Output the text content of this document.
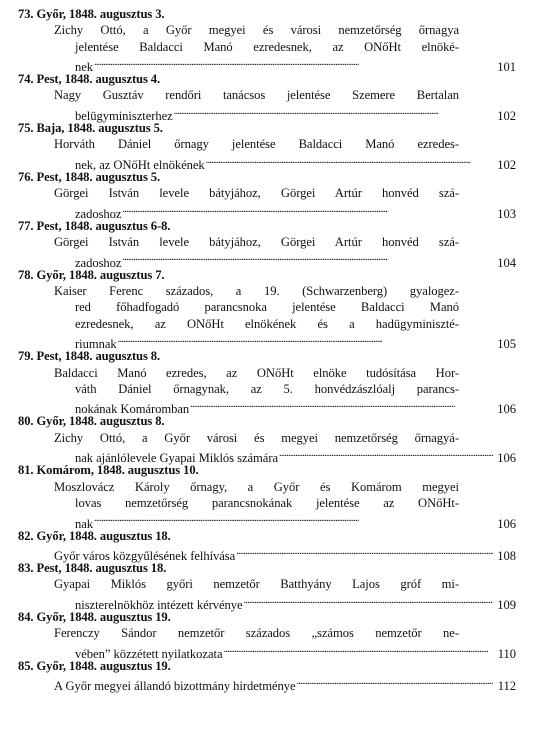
73. Győr, 1848. augusztus 3.
Zichy Ottó, a Győr megyei és városi nemzetőrség őrnagya
jelentése Baldacci Manó ezredesnek, az ONőHt elnöké-
nek . . .	101
74. Pest, 1848. augusztus 4.
Nagy Gusztáv rendőri tanácsos jelentése Szemere Bertalan
belügyminiszterhez . . .	102
75. Baja, 1848. augusztus 5.
Horváth Dániel őrnagy jelentése Baldacci Manó ezredes-
nek, az ONőHt elnökének . . .	102
76. Pest, 1848. augusztus 5.
Görgei István levele bátyjához, Görgei Artúr honvéd szá-
zadoshoz . . .	103
77. Pest, 1848. augusztus 6-8.
Görgei István levele bátyjához, Görgei Artúr honvéd szá-
zadoshoz . . .	104
78. Győr, 1848. augusztus 7.
Kaiser Ferenc százados, a 19. (Schwarzenberg) gyalogez-
red főhadfogadó parancsnoka jelentése Baldacci Manó
ezredesnek, az ONőHt elnökének és a hadügyminiszté-
riumnak . . .	105
79. Pest, 1848. augusztus 8.
Baldacci Manó ezredes, az ONőHt elnöke tudósítása Hor-
váth Dániel őrnagynak, az 5. honvédzászlóalj parancs-
nokának Komáromban . . .	106
80. Győr, 1848. augusztus 8.
Zichy Ottó, a Győr városi és megyei nemzetőrség őrnagyá-
nak ajánlólevele Gyapai Miklós számára . . .	106
81. Komárom, 1848. augusztus 10.
Moszlovácz Károly őrnagy, a Győr és Komárom megyei
lovas nemzetőrség parancsnokának jelentése az ONőHt-
nak . . .	106
82. Győr, 1848. augusztus 18.
Győr város közgyűlésének felhívása . . .	108
83. Pest, 1848. augusztus 18.
Gyapai Miklós győri nemzetőr Batthyány Lajos gróf mi-
niszterelnökhöz intézett kérvénye . . .	109
84. Győr, 1848. augusztus 19.
Ferenczy Sándor nemzetőr százados „számos nemzetőr ne-
vében” közzétett nyilatkozata . . .	110
85. Győr, 1848. augusztus 19.
A Győr megyei állandó bizottmány hirdetménye . . .	112
